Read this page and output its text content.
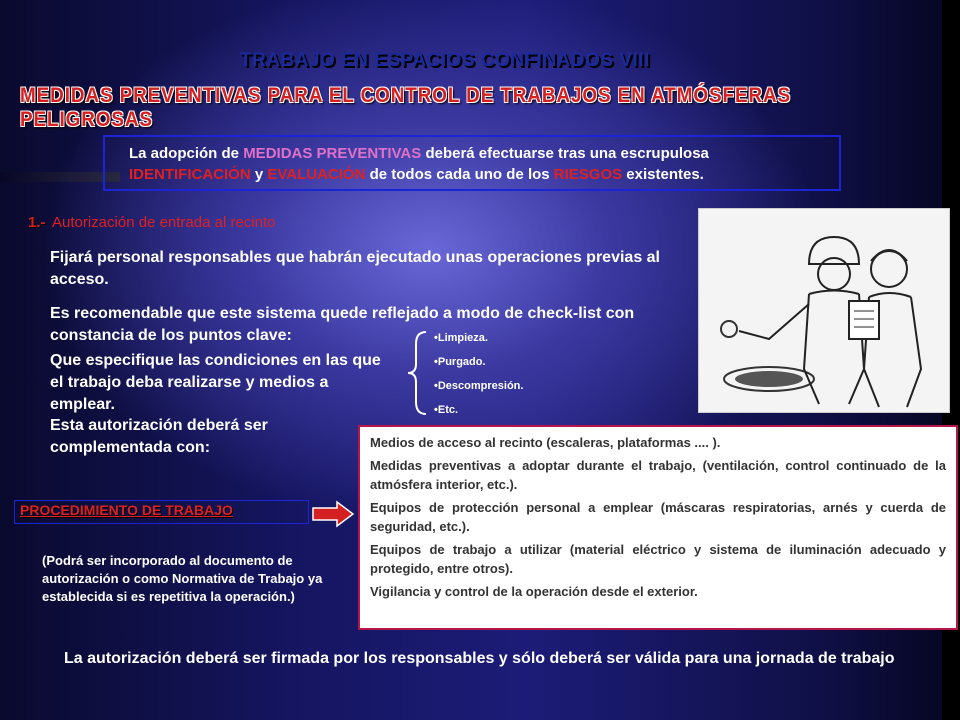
TRABAJO EN ESPACIOS CONFINADOS VIII
MEDIDAS PREVENTIVAS PARA EL CONTROL DE TRABAJOS EN ATMÓSFERAS PELIGROSAS
La adopción de MEDIDAS PREVENTIVAS deberá efectuarse tras una escrupulosa
IDENTIFICACIÓN y EVALUACIÓN de todos cada uno de los RIESGOS existentes.
1.- Autorización de entrada al recinto
Fijará personal responsables que habrán ejecutado unas operaciones previas al acceso.
Es recomendable que este sistema quede reflejado a modo de check-list con constancia de los puntos clave:
Que especifique las condiciones en las que el trabajo deba realizarse y medios a emplear.
Esta autorización deberá ser complementada con:
•Limpieza.
•Purgado.
•Descompresión.
•Etc.

Medios de acceso al recinto (escaleras, plataformas .... ).

Medidas preventivas a adoptar durante el trabajo, (ventilación, control continuado de la atmósfera interior, etc.).

Equipos de protección personal a emplear (máscaras respiratorias, arnés y cuerda de seguridad, etc.).

Equipos de trabajo a utilizar (material eléctrico y sistema de iluminación adecuado y protegido, entre otros).

Vigilancia y control de la operación desde el exterior.

PROCEDIMIENTO DE TRABAJO
(Podrá ser incorporado al documento de autorización o como Normativa de Trabajo ya establecida si es repetitiva la operación.)
La autorización deberá ser firmada por los responsables y sólo deberá ser válida para una jornada de trabajo
